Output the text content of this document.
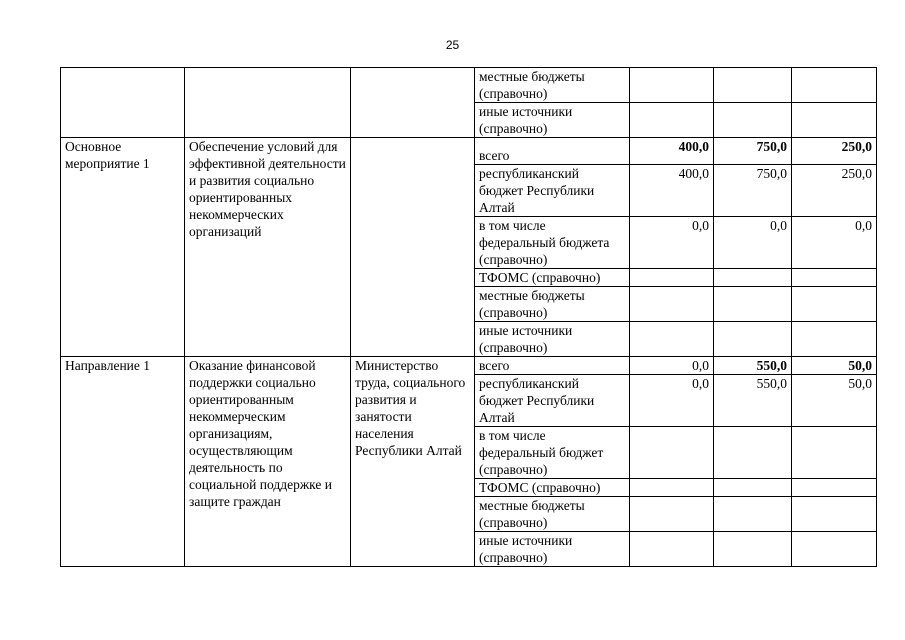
25
			местные бюджеты (справочно)			
			иные источники (справочно)			
Основное мероприятие 1	Обеспечение условий для эффективной деятельности и развития социально ориентированных некоммерческих организаций		всего	400,0	750,0	250,0
			республиканский бюджет Республики Алтай	400,0	750,0	250,0
			в том числе федеральный бюджета (справочно)	0,0	0,0	0,0
			ТФОМС (справочно)			
			местные бюджеты (справочно)			
			иные источники (справочно)			
Направление 1	Оказание финансовой поддержки социально ориентированным некоммерческим организациям, осуществляющим деятельность по социальной поддержке и защите граждан	Министерство труда, социального развития и занятости населения Республики Алтай	всего	0,0	550,0	50,0
			республиканский бюджет Республики Алтай	0,0	550,0	50,0
			в том числе федеральный бюджет (справочно)			
			ТФОМС (справочно)			
			местные бюджеты (справочно)			
			иные источники (справочно)			
